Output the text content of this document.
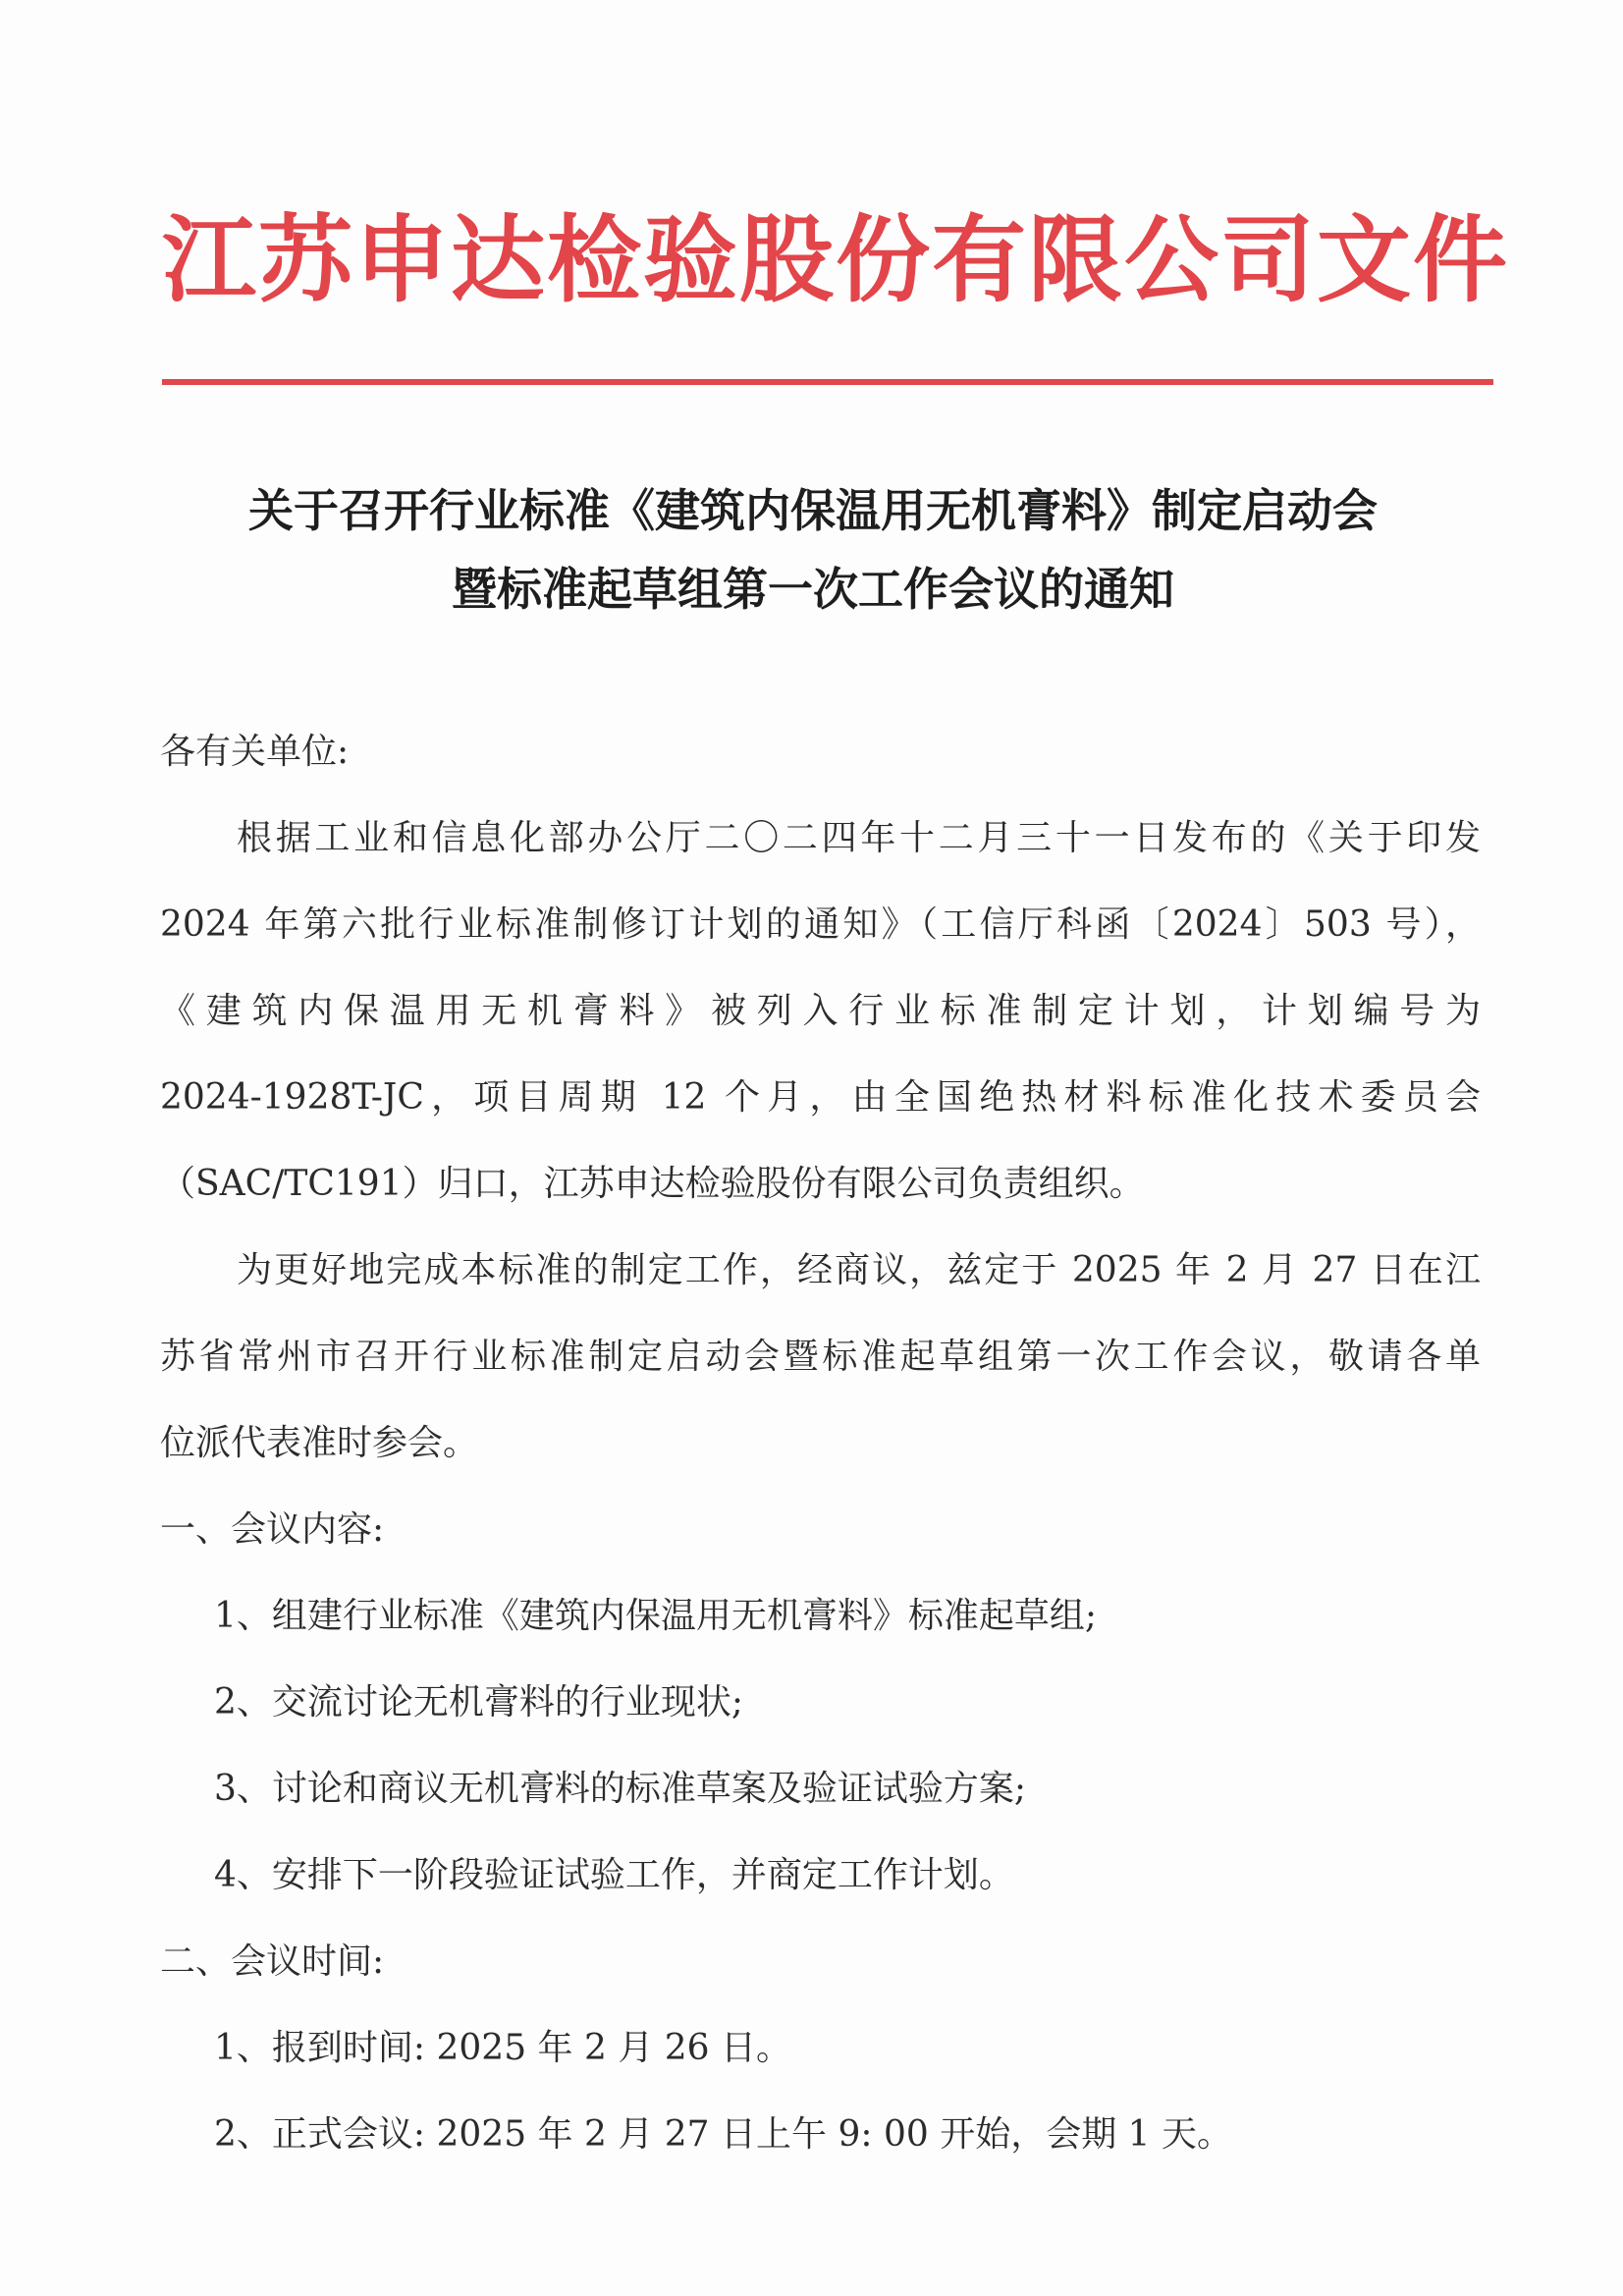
江苏申达检验股份有限公司文件
关于召开行业标准《建筑内保温用无机膏料》制定启动会
暨标准起草组第一次工作会议的通知
各有关单位:
根据工业和信息化部办公厅二〇二四年十二月三十一日发布的《关于印发
2024 年第六批行业标准制修订计划的通知》（工信厅科函〔2024〕503 号），
《建筑内保温用无机膏料》被列入行业标准制定计划，计划编号为
2024-1928T-JC，项目周期 12 个月，由全国绝热材料标准化技术委员会
（SAC/TC191）归口，江苏申达检验股份有限公司负责组织。
为更好地完成本标准的制定工作，经商议，兹定于 2025 年 2 月 27 日在江
苏省常州市召开行业标准制定启动会暨标准起草组第一次工作会议，敬请各单
位派代表准时参会。
一、会议内容:
1、组建行业标准《建筑内保温用无机膏料》标准起草组;
2、交流讨论无机膏料的行业现状;
3、讨论和商议无机膏料的标准草案及验证试验方案;
4、安排下一阶段验证试验工作，并商定工作计划。
二、会议时间:
1、报到时间: 2025 年 2 月 26 日。
2、正式会议: 2025 年 2 月 27 日上午 9: 00 开始，会期 1 天。
